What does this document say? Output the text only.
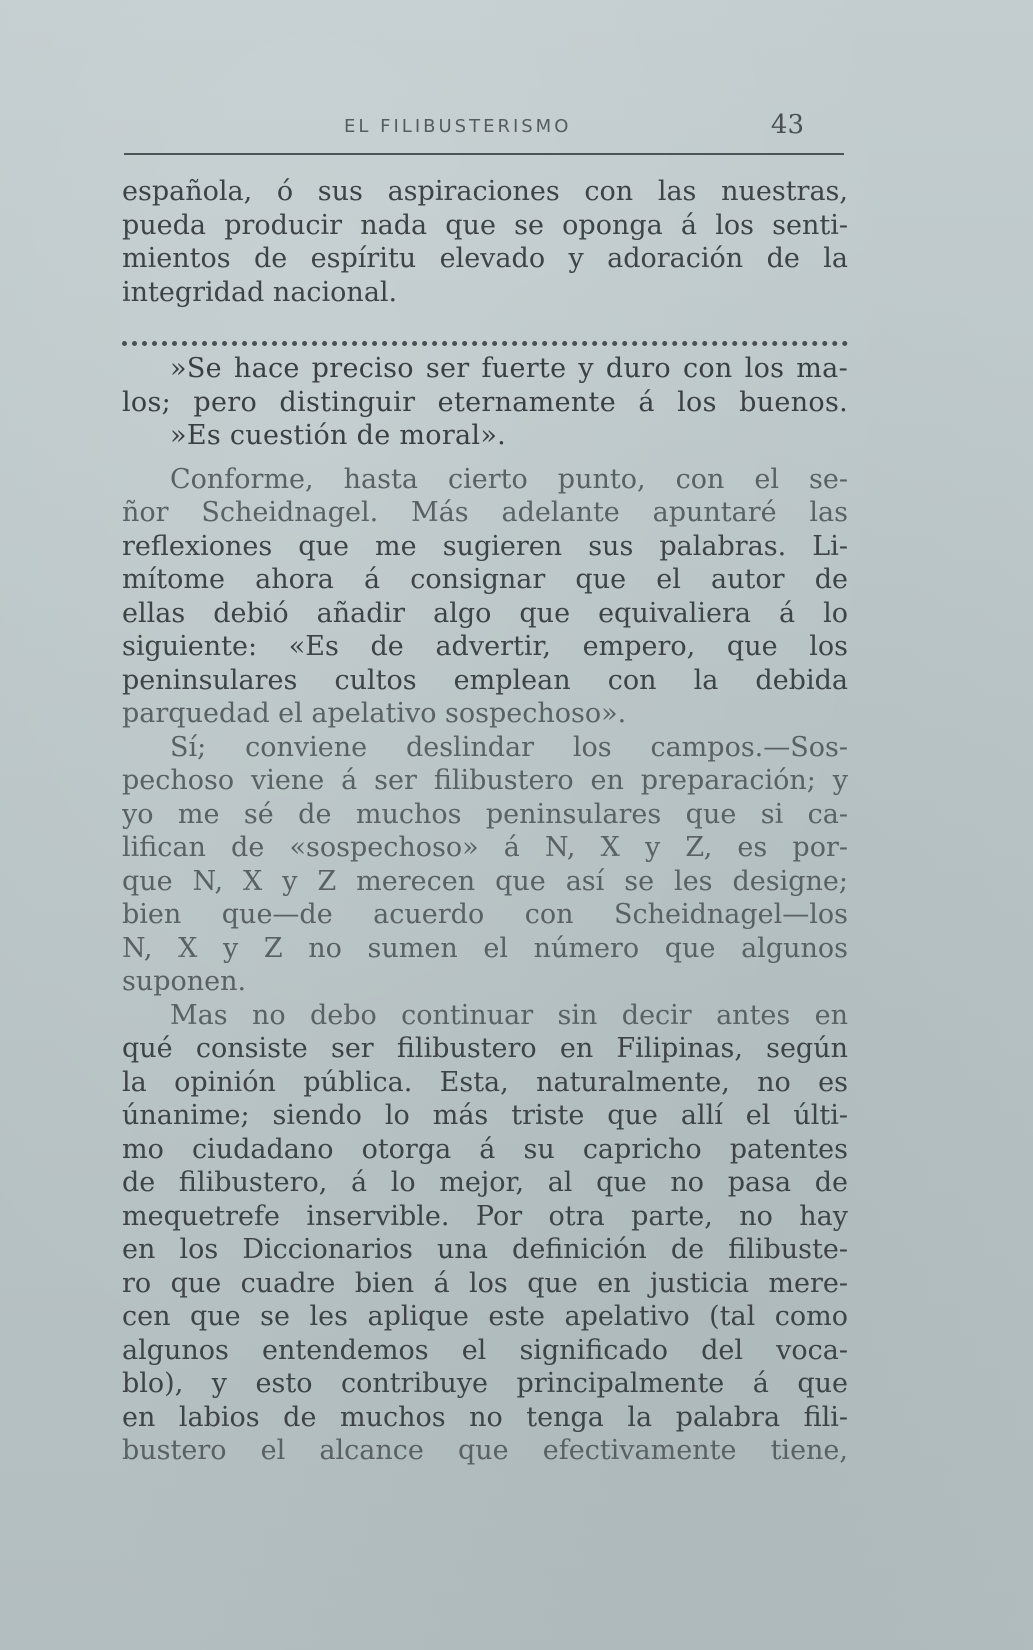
EL FILIBUSTERISMO	43
española, ó sus aspiraciones con las nuestras,
pueda producir nada que se oponga á los senti-
mientos de espíritu elevado y adoración de la
integridad nacional.
»Se hace preciso ser fuerte y duro con los ma-
los; pero distinguir eternamente á los buenos.
»Es cuestión de moral».
Conforme, hasta cierto punto, con el se-
ñor Scheidnagel. Más adelante apuntaré las
reflexiones que me sugieren sus palabras. Li-
mítome ahora á consignar que el autor de
ellas debió añadir algo que equivaliera á lo
siguiente: «Es de advertir, empero, que los
peninsulares cultos emplean con la debida
parquedad el apelativo sospechoso».
Sí; conviene deslindar los campos.—Sos-
pechoso viene á ser filibustero en preparación; y
yo me sé de muchos peninsulares que si ca-
lifican de «sospechoso» á N, X y Z, es por-
que N, X y Z merecen que así se les designe;
bien que—de acuerdo con Scheidnagel—los
N, X y Z no sumen el número que algunos
suponen.
Mas no debo continuar sin decir antes en
qué consiste ser filibustero en Filipinas, según
la opinión pública. Esta, naturalmente, no es
únanime; siendo lo más triste que allí el últi-
mo ciudadano otorga á su capricho patentes
de filibustero, á lo mejor, al que no pasa de
mequetrefe inservible. Por otra parte, no hay
en los Diccionarios una definición de filibuste-
ro que cuadre bien á los que en justicia mere-
cen que se les aplique este apelativo (tal como
algunos entendemos el significado del voca-
blo), y esto contribuye principalmente á que
en labios de muchos no tenga la palabra fili-
bustero el alcance que efectivamente tiene,
